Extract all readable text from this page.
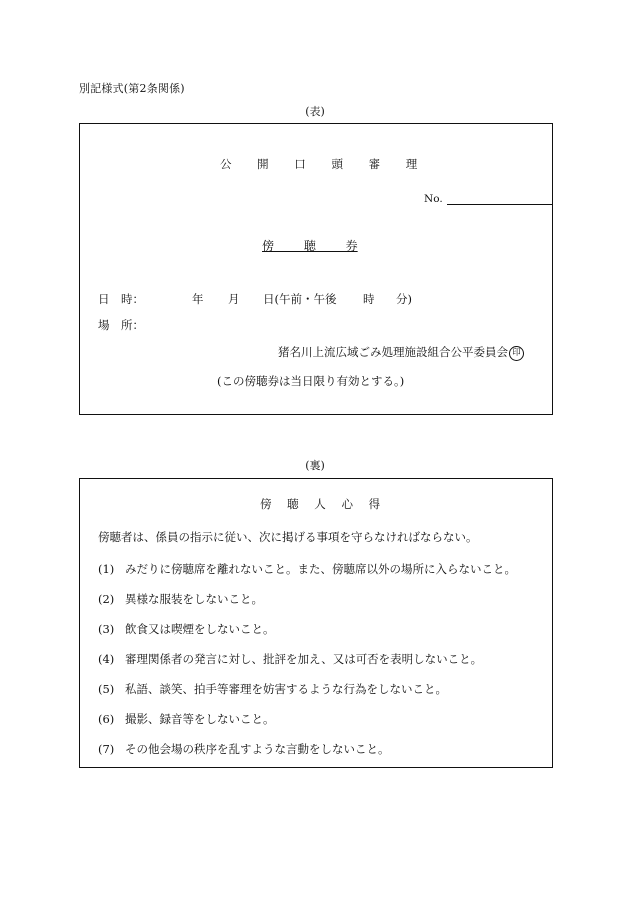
別記様式(第2条関係)
(表)
公 開 口 頭 審 理
No.
傍 聴 券
日　時：	年 月 日(午前・午後 時 分)
場　所：
猪名川上流広域ごみ処理施設組合公平委員会 印
(この傍聴券は当日限り有効とする。)
(裏)
傍 聴 人 心 得
傍聴者は、係員の指示に従い、次に掲げる事項を守らなければならない。
(1) みだりに傍聴席を離れないこと。また、傍聴席以外の場所に入らないこと。
(2) 異様な服装をしないこと。
(3) 飲食又は喫煙をしないこと。
(4) 審理関係者の発言に対し、批評を加え、又は可否を表明しないこと。
(5) 私語、談笑、拍手等審理を妨害するような行為をしないこと。
(6) 撮影、録音等をしないこと。
(7) その他会場の秩序を乱すような言動をしないこと。
